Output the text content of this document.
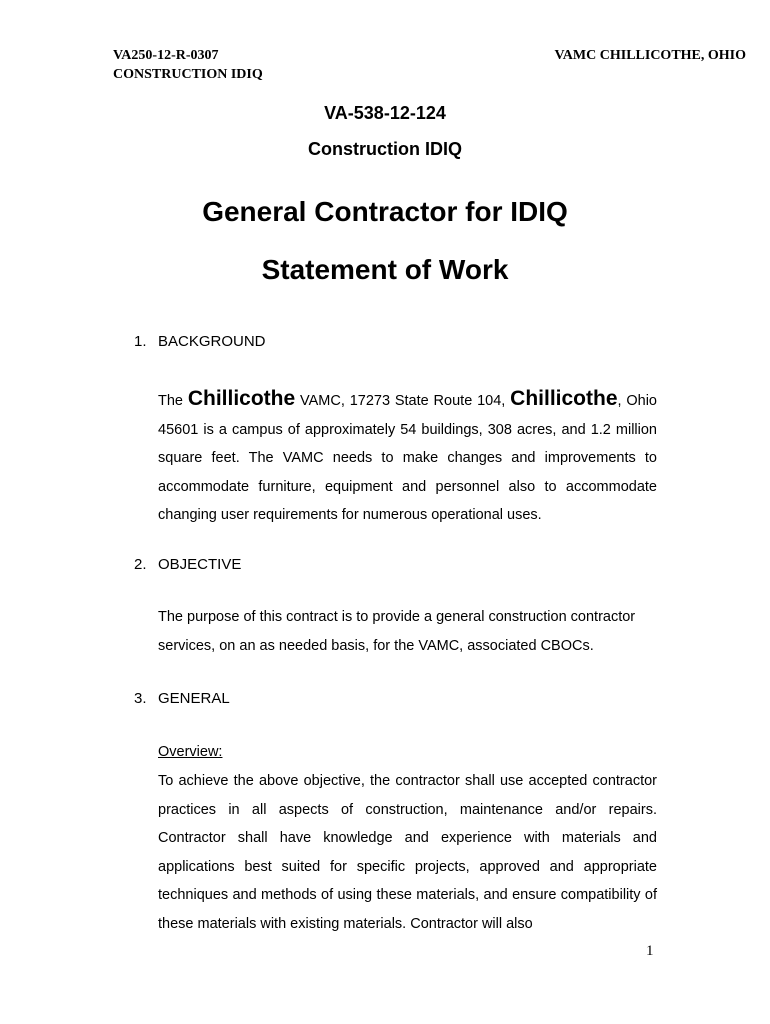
VA250-12-R-0307
CONSTRUCTION IDIQ
VAMC CHILLICOTHE, OHIO
VA-538-12-124
Construction IDIQ
General Contractor for IDIQ
Statement of Work
1. BACKGROUND
The Chillicothe VAMC, 17273 State Route 104, Chillicothe, Ohio 45601 is a campus of approximately 54 buildings, 308 acres, and 1.2 million square feet. The VAMC needs to make changes and improvements to accommodate furniture, equipment and personnel also to accommodate changing user requirements for numerous operational uses.
2. OBJECTIVE
The purpose of this contract is to provide a general construction contractor services, on an as needed basis, for the VAMC, associated CBOCs.
3. GENERAL
Overview:
To achieve the above objective, the contractor shall use accepted contractor practices in all aspects of construction, maintenance and/or repairs. Contractor shall have knowledge and experience with materials and applications best suited for specific projects, approved and appropriate techniques and methods of using these materials, and ensure compatibility of these materials with existing materials. Contractor will also
1
